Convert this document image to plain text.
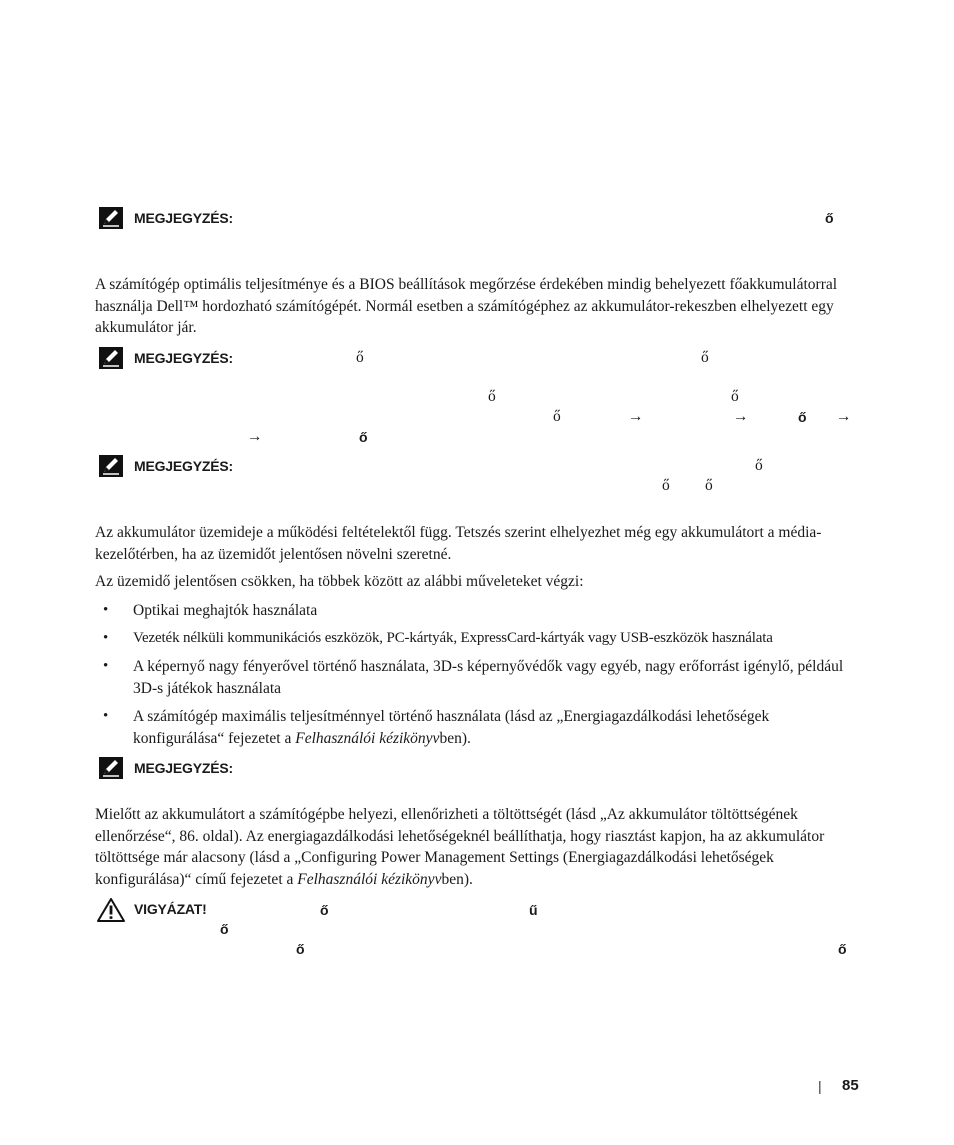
MEGJEGYZÉS:	ő
A számítógép optimális teljesítménye és a BIOS beállítások megőrzése érdekében mindig behelyezett főakkumulátorral használja Dell™ hordozható számítógépét. Normál esetben a számítógéphez az akkumulátor-rekeszben elhelyezett egy akkumulátor jár.
MEGJEGYZÉS:	ő	ő
ő	ő
ő	→	→	ő →
→	ő
MEGJEGYZÉS:	ő
ő ő
Az akkumulátor üzemideje a működési feltételektől függ. Tetszés szerint elhelyezhet még egy akkumulátort a média-kezelőtérben, ha az üzemidőt jelentősen növelni szeretné.
Az üzemidő jelentősen csökken, ha többek között az alábbi műveleteket végzi:
• Optikai meghajtók használata
• Vezeték nélküli kommunikációs eszközök, PC-kártyák, ExpressCard-kártyák vagy USB-eszközök használata
• A képernyő nagy fényerővel történő használata, 3D-s képernyővédők vagy egyéb, nagy erőforrást igénylő, például 3D-s játékok használata
• A számítógép maximális teljesítménnyel történő használata (lásd az „Energiagazdálkodási lehetőségek konfigurálása“ fejezetet a Felhasználói kézikönyvben).
MEGJEGYZÉS:
Mielőtt az akkumulátort a számítógépbe helyezi, ellenőrizheti a töltöttségét (lásd „Az akkumulátor töltöttségének ellenőrzése“, 86. oldal). Az energiagazdálkodási lehetőségeknél beállíthatja, hogy riasztást kapjon, ha az akkumulátor töltöttsége már alacsony (lásd a „Configuring Power Management Settings (Energiagazdálkodási lehetőségek konfigurálása)“ című fejezetet a Felhasználói kézikönyvben).
VIGYÁZAT!	ő	ű
ő
ő	ő
| 85
